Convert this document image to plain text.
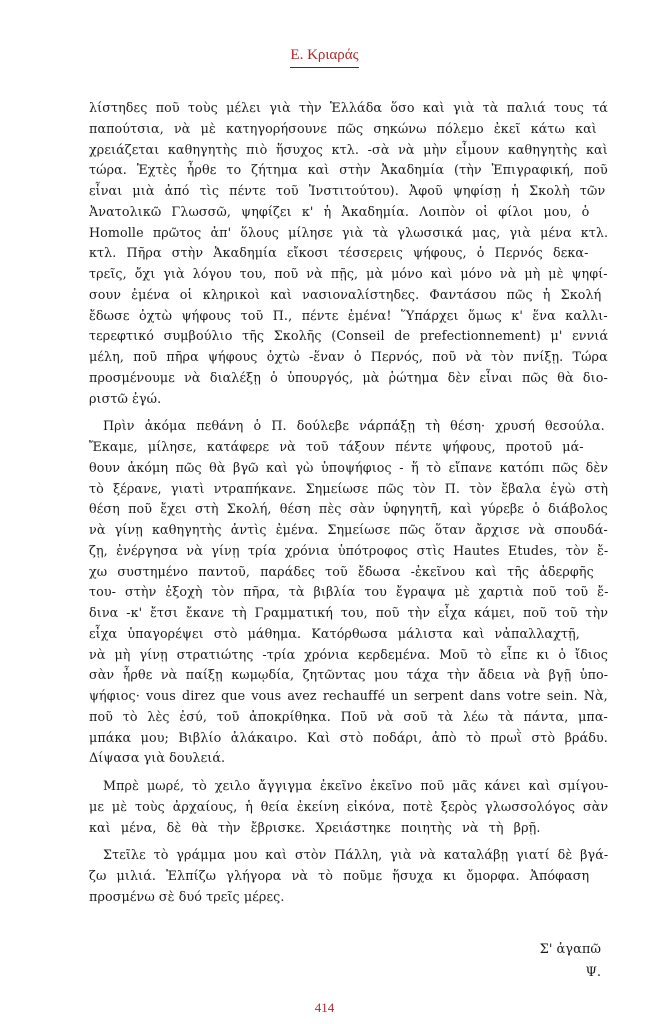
Ε. Κριαράς
λίστηδες ποῦ τοὺς μέλει γιὰ τὴν Ἑλλάδα ὅσο καὶ γιὰ τὰ παλιά τους τά
παπούτσια, νὰ μὲ κατηγορήσουνε πῶς σηκώνω πόλεμο ἐκεῖ κάτω καὶ
χρειάζεται καθηγητὴς πιὸ ἥσυχος κτλ. -σὰ νὰ μὴν εἶμουν καθηγητὴς καὶ
τώρα. Ἐχτὲς ἦρθε το ζήτημα καὶ στὴν Ἀκαδημία (τὴν Ἐπιγραφική, ποῦ
εἶναι μιὰ ἀπό τὶς πέντε τοῦ Ἰνστιτούτου). Ἀφοῦ ψηφίσῃ ἡ Σκολὴ τῶν
Ἀνατολικῶ Γλωσσῶ, ψηφίζει κ' ἡ Ἀκαδημία. Λοιπὸν οἱ φίλοι μου, ὁ
Homolle πρῶτος ἀπ' ὅλους μίλησε γιὰ τὰ γλωσσικά μας, γιὰ μένα κτλ.
κτλ. Πῆρα στὴν Ἀκαδημία εἴκοσι τέσσερεις ψήφους, ὁ Περνός δεκα-
τρεῖς, ὄχι γιὰ λόγου του, ποῦ νὰ πῇς, μὰ μόνο καὶ μόνο νὰ μὴ μὲ ψηφί-
σουν ἐμένα οἱ κληρικοὶ καὶ νασιοναλίστηδες. Φαντάσου πῶς ἡ Σκολή
ἔδωσε ὀχτὼ ψήφους τοῦ Π., πέντε ἐμένα! Ὕπάρχει ὅμως κ' ἕνα καλλι-
τερεφτικό συμβούλιο τῆς Σκολῆς (Conseil de prefectionnement) μ' εννιά
μέλη, ποῦ πῆρα ψήφους ὀχτὼ -ἕναν ὁ Περνός, ποῦ νὰ τὸν πνίξῃ. Τώρα
προσμένουμε νὰ διαλέξῃ ὁ ὑπουργός, μὰ ῥώτημα δὲν εἶναι πῶς θὰ διο-
ριστῶ ἐγώ.
Πρὶν ἀκόμα πεθάνη ὁ Π. δούλεβε νάρπάξῃ τὴ θέση· χρυσή θεσούλα.
Ἔκαμε, μίλησε, κατάφερε νὰ τοῦ τάξουν πέντε ψήφους, προτοῦ μά-
θουν ἀκόμη πῶς θὰ βγῶ καὶ γὼ ὑποψήφιος - ἥ τὸ εἴπανε κατόπι πῶς δὲν
τὸ ξέρανε, γιατὶ ντραπήκανε. Σημείωσε πῶς τὸν Π. τὸν ἔβαλα ἐγὼ στὴ
θέση ποῦ ἔχει στὴ Σκολή, θέση πὲς σὰν ὑφηγητῆ, καὶ γύρεβε ὁ διάβολος
νὰ γίνῃ καθηγητὴς ἀντὶς ἐμένα. Σημείωσε πῶς ὅταν ἄρχισε νὰ σπουδά-
ζῃ, ἐνέργησα νὰ γίνῃ τρία χρόνια ὑπότροφος στὶς Hautes Etudes, τὸν ἔ-
χω συστημένο παντοῦ, παράδες τοῦ ἔδωσα -ἐκεῖνου καὶ τῆς ἀδερφῆς
του- στὴν ἐξοχὴ τὸν πῆρα, τὰ βιβλία του ἔγραψα μὲ χαρτιὰ ποῦ τοῦ ἔ-
δινα -κ' ἔτσι ἔκανε τὴ Γραμματική του, ποῦ τὴν εἶχα κάμει, ποῦ τοῦ τὴν
εἶχα ὑπαγορέψει στὸ μάθημα. Κατόρθωσα μάλιστα καὶ νἀπαλλαχτῇ,
νὰ μὴ γίνῃ στρατιώτης -τρία χρόνια κερδεμένα. Μοῦ τὸ εἶπε κι ὁ ἴδιος
σὰν ἦρθε νὰ παίξῃ κωμῳδία, ζητῶντας μου τάχα τὴν ἄδεια νὰ βγῇ ὑπο-
ψήφιος· vous direz que vous avez rechauffé un serpent dans votre sein. Νὰ,
ποῦ τὸ λὲς ἐσύ, τοῦ ἀποκρίθηκα. Ποῦ νὰ σοῦ τὰ λέω τὰ πάντα, μπα-
μπάκα μου; Βιβλίο ἀλάκαιρο. Καὶ στὸ ποδάρι, ἀπὸ τὸ πρωῒ στὸ βράδυ.
Δίψασα γιὰ δουλειά.
Μπρὲ μωρέ, τὸ χειλο ἄγγιγμα ἐκεῖνο ἐκεῖνο ποῦ μᾶς κάνει καὶ σμίγου-
με μὲ τοὺς ἀρχαίους, ἡ θεία ἐκείνη εἰκόνα, ποτὲ ξερὸς γλωσσολόγος σὰν
καὶ μένα, δὲ θὰ τὴν ἔβρισκε. Χρειάστηκε ποιητὴς νὰ τὴ βρῇ.
Στεῖλε τὸ γράμμα μου καὶ στὸν Πάλλη, γιὰ νὰ καταλάβῃ γιατί δὲ βγά-
ζω μιλιά. Ἐλπίζω γλήγορα νὰ τὸ ποῦμε ἥσυχα κι ὄμορφα. Ἀπόφαση
προσμένω σὲ δυό τρεῖς μέρες.
Σ' ἀγαπῶ
Ψ.
414
